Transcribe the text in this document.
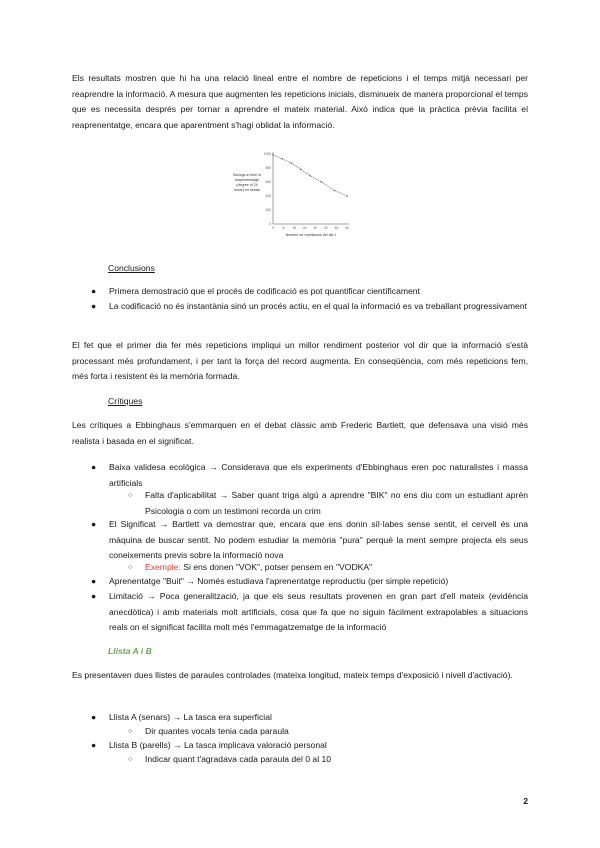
Els resultats mostren que hi ha una relació lineal entre el nombre de repeticions i el temps mitjà necessari per reaprendre la informació. A mesura que augmenten les repeticions inicials, disminueix de manera proporcional el temps que es necessita després per tornar a aprendre el mateix material. Això indica que la pràctica prèvia facilita el reaprenentatge, encara que aparentment s'hagi oblidat la informació.
Savings in time of
reaprenentatge
(degree of 24
hours) en sessió
1000
800
600
400
200
0
0	8 16 24 32 42 53 64
Nombre de repeticions del dia 1
Conclusions
● Primera demostració que el procés de codificació es pot quantificar científicament
● La codificació no és instantània sinó un procés actiu, en el qual la informació es va treballant progressivament
El fet que el primer dia fer més repeticions impliqui un millor rendiment posterior vol dir que la informació s'està processant més profundament, i per tant la força del record augmenta. En conseqüència, com més repeticions fem, més forta i resistent és la memòria formada.
Crítiques
Les crítiques a Ebbinghaus s'emmarquen en el debat clàssic amb Frederic Bartlett, que defensava una visió més realista i basada en el significat.
● Baixa validesa ecològica → Considerava que els experiments d'Ebbinghaus eren poc naturalistes i massa artificials
○ Falta d'aplicabilitat → Saber quant triga algú a aprendre "BIK" no ens diu com un estudiant aprèn Psicologia o com un testimoni recorda un crim
● El Significat → Bartlett va demostrar que, encara que ens donin síl·labes sense sentit, el cervell és una màquina de buscar sentit. No podem estudiar la memòria "pura" perquè la ment sempre projecta els seus coneixements previs sobre la informació nova
○ Exemple: Si ens donen "VOK", potser pensem en "VODKA"
● Aprenentatge "Buit" → Només estudiava l'aprenentatge reproductiu (per simple repetició)
● Limitació → Poca generalització, ja que els seus resultats provenen en gran part d'ell mateix (evidència anecdòtica) i amb materials molt artificials, cosa que fa que no siguin fàcilment extrapolables a situacions reals on el significat facilita molt més l'emmagatzematge de la informació
Llista A i B
Es presentaven dues llistes de paraules controlades (mateixa longitud, mateix temps d'exposició i nivell d'activació).
● Llista A (senars) → La tasca era superficial
○ Dir quantes vocals tenia cada paraula
● Llista B (parells) → La tasca implicava valoració personal
○ Indicar quant t'agradava cada paraula del 0 al 10
2
